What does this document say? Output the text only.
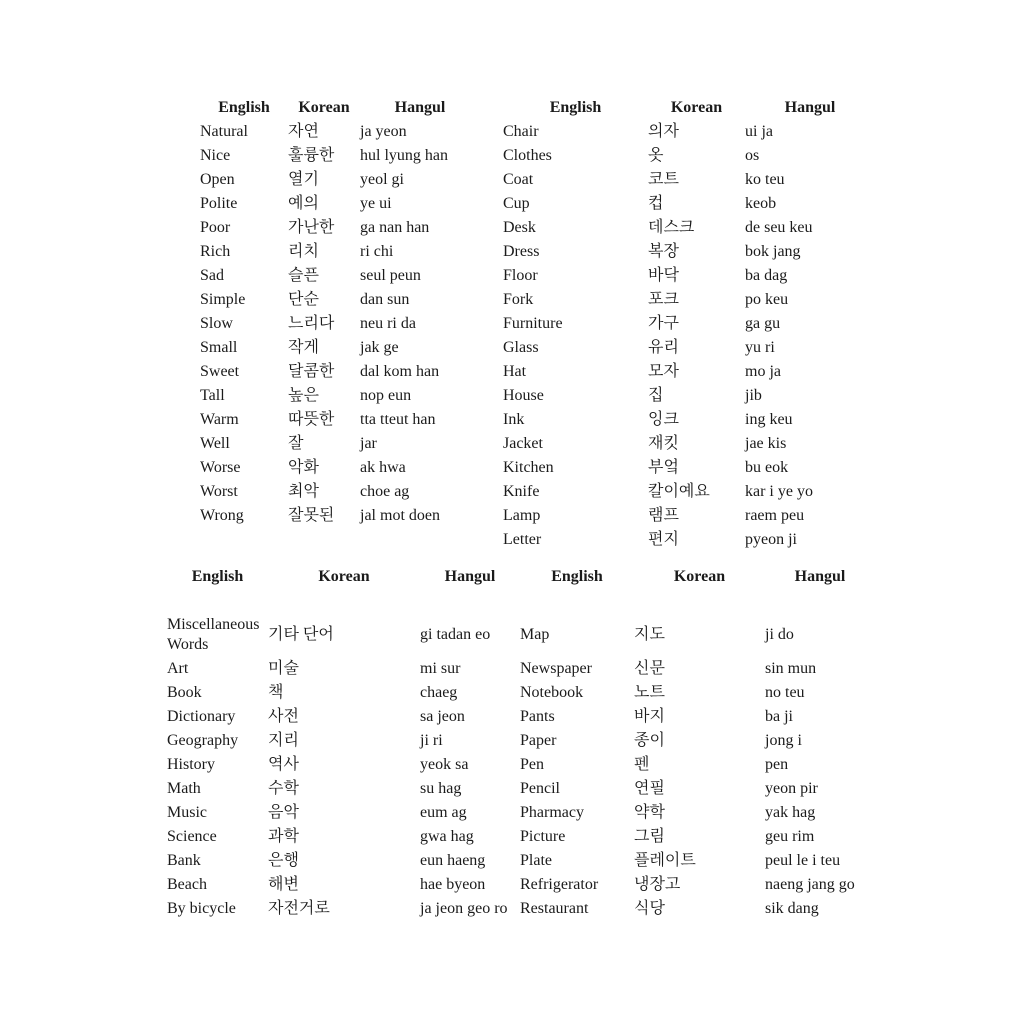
English	Korean	Hangul
Natural	자연	ja yeon
Nice	훌륭한	hul lyung han
Open	열기	yeol gi
Polite	예의	ye ui
Poor	가난한	ga nan han
Rich	리치	ri chi
Sad	슬픈	seul peun
Simple	단순	dan sun
Slow	느리다	neu ri da
Small	작게	jak ge
Sweet	달콤한	dal kom han
Tall	높은	nop eun
Warm	따뜻한	tta tteut han
Well	잘	jar
Worse	악화	ak hwa
Worst	최악	choe ag
Wrong	잘못된	jal mot doen
English	Korean	Hangul
Chair	의자	ui ja
Clothes	옷	os
Coat	코트	ko teu
Cup	컵	keob
Desk	데스크	de seu keu
Dress	복장	bok jang
Floor	바닥	ba dag
Fork	포크	po keu
Furniture	가구	ga gu
Glass	유리	yu ri
Hat	모자	mo ja
House	집	jib
Ink	잉크	ing keu
Jacket	재킷	jae kis
Kitchen	부엌	bu eok
Knife	칼이예요	kar i ye yo
Lamp	램프	raem peu
Letter	편지	pyeon ji
English	Korean	Hangul
Miscellaneous Words	기타 단어	gi tadan eo
Art	미술	mi sur
Book	책	chaeg
Dictionary	사전	sa jeon
Geography	지리	ji ri
History	역사	yeok sa
Math	수학	su hag
Music	음악	eum ag
Science	과학	gwa hag
Bank	은행	eun haeng
Beach	해변	hae byeon
By bicycle	자전거로	ja jeon geo ro
English	Korean	Hangul
Map	지도	ji do
Newspaper	신문	sin mun
Notebook	노트	no teu
Pants	바지	ba ji
Paper	종이	jong i
Pen	펜	pen
Pencil	연필	yeon pir
Pharmacy	약학	yak hag
Picture	그림	geu rim
Plate	플레이트	peul le i teu
Refrigerator	냉장고	naeng jang go
Restaurant	식당	sik dang
